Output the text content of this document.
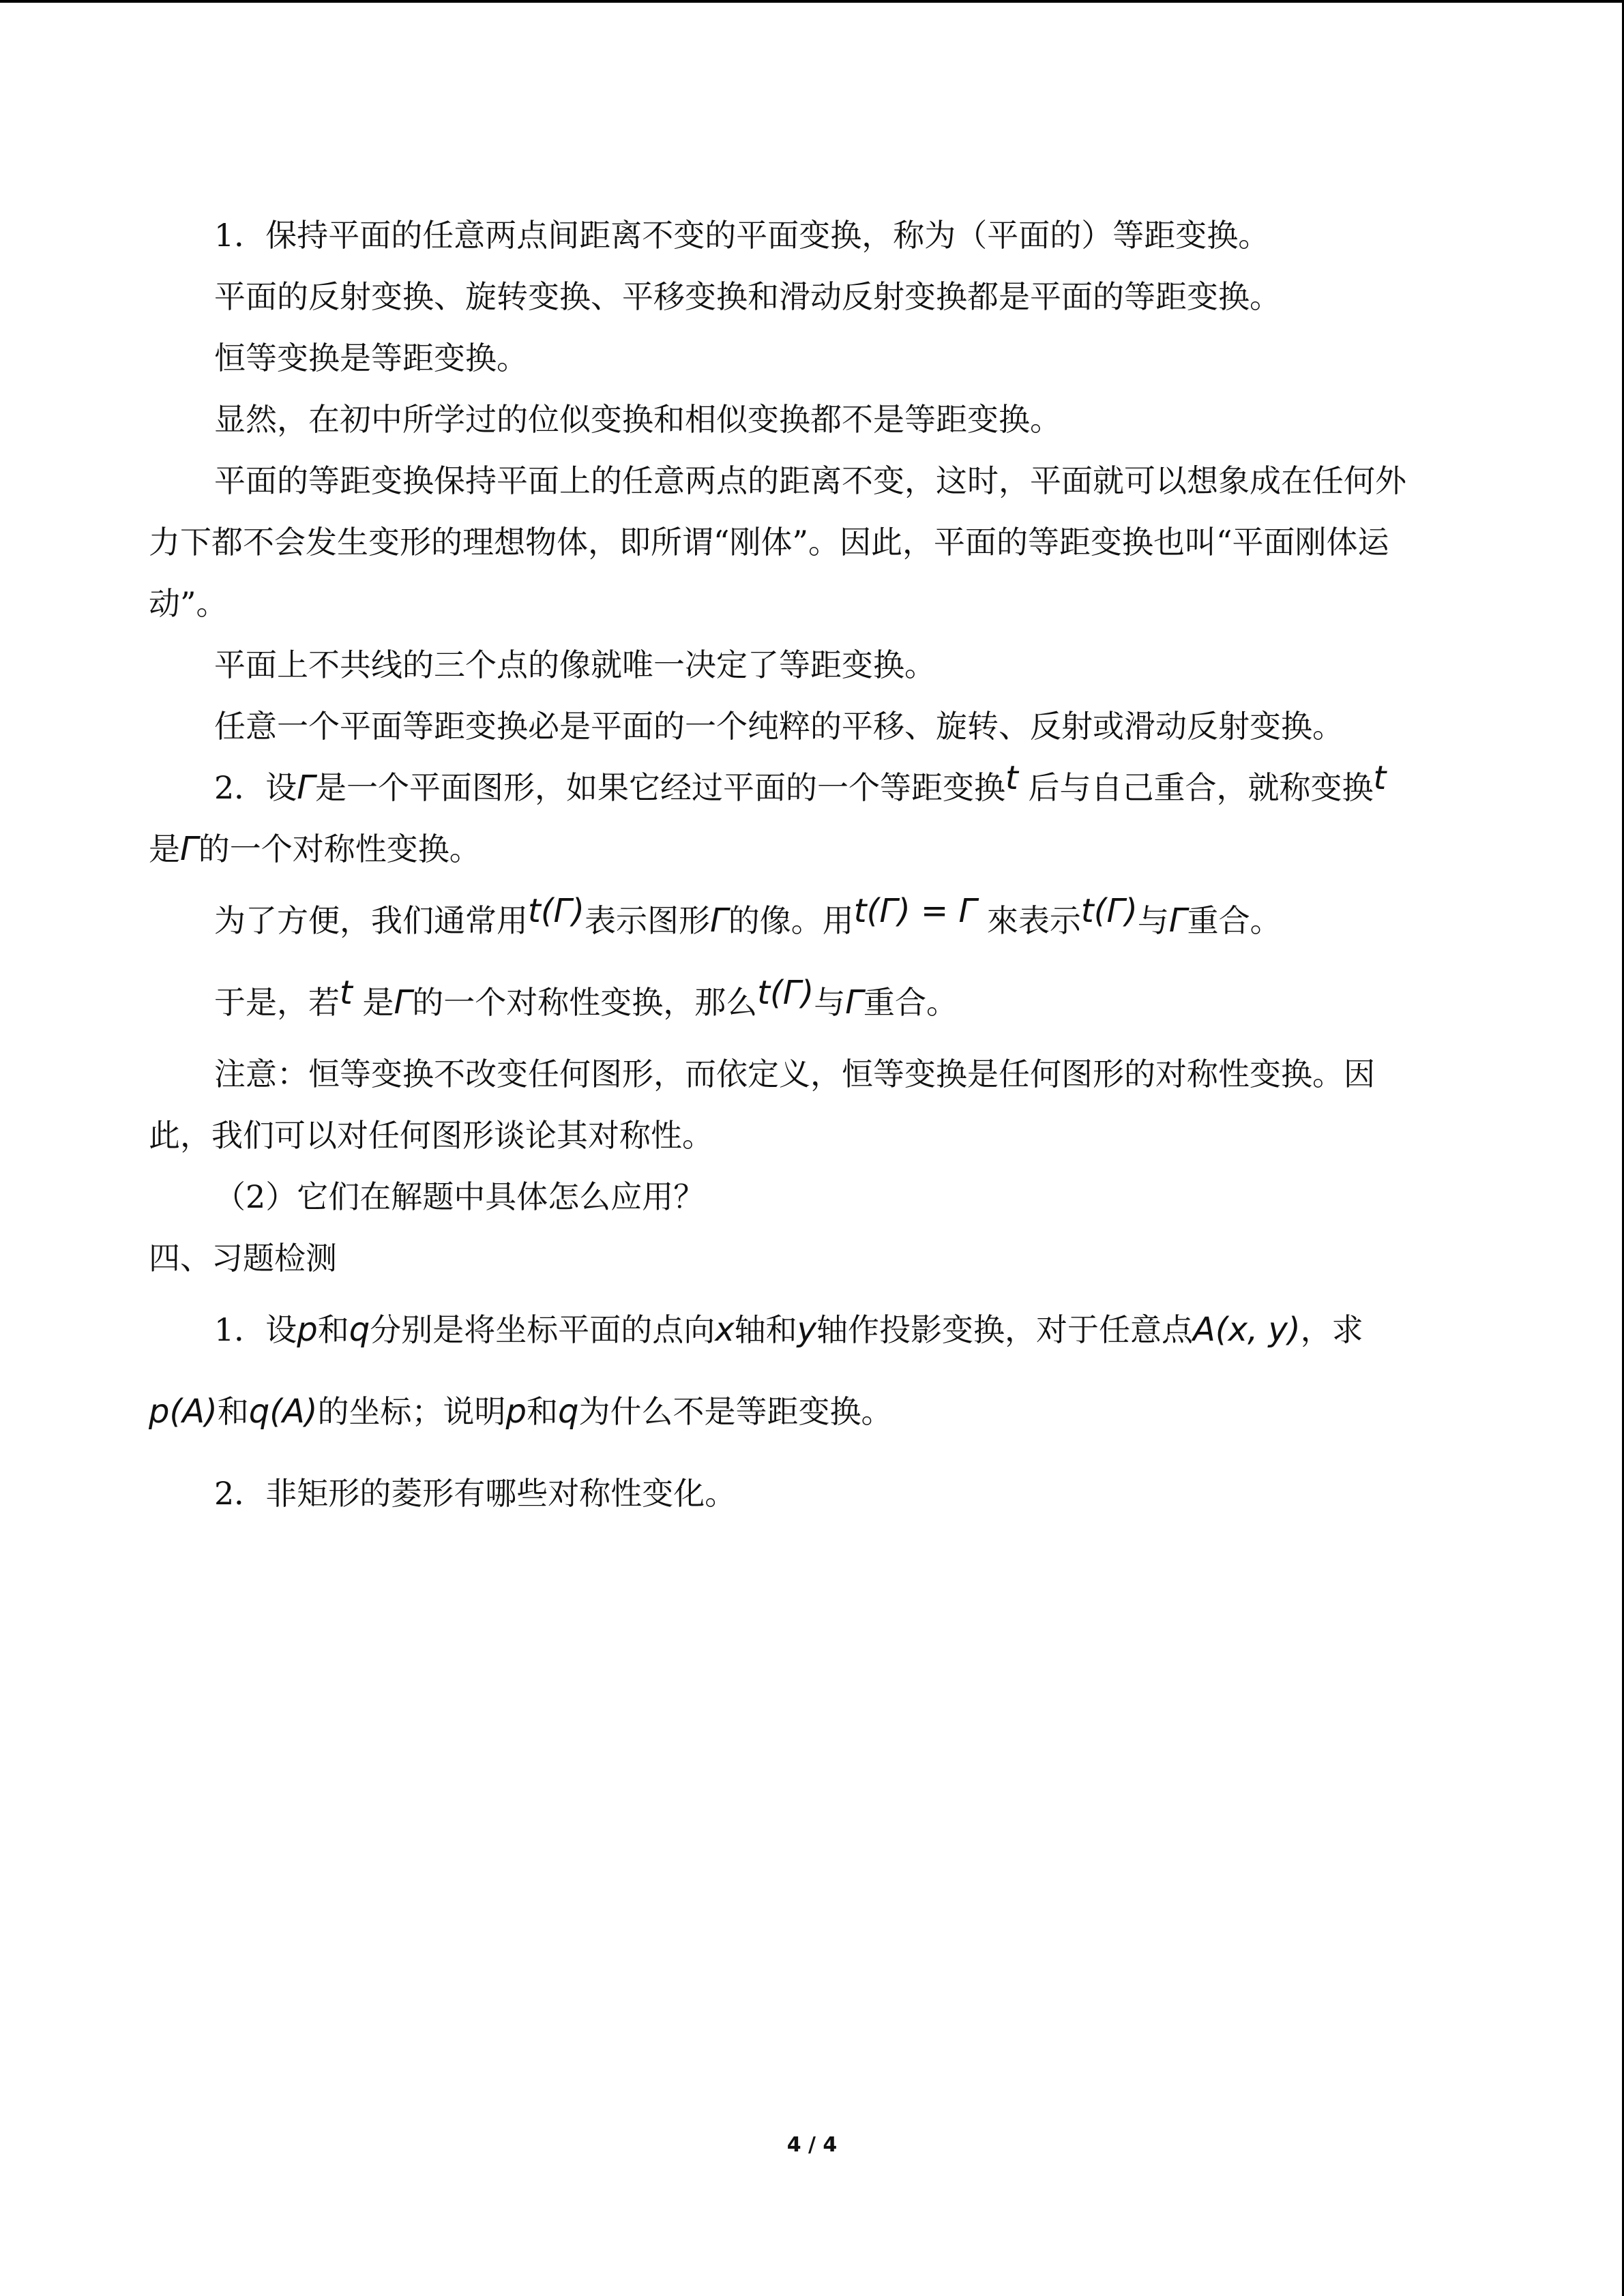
1．保持平面的任意两点间距离不变的平面变换，称为（平面的）等距变换。

平面的反射变换、旋转变换、平移变换和滑动反射变换都是平面的等距变换。

恒等变换是等距变换。

显然，在初中所学过的位似变换和相似变换都不是等距变换。

平面的等距变换保持平面上的任意两点的距离不变，这时，平面就可以想象成在任何外

力下都不会发生变形的理想物体，即所谓“刚体”。因此，平面的等距变换也叫“平面刚体运

动”。

平面上不共线的三个点的像就唯一决定了等距变换。

任意一个平面等距变换必是平面的一个纯粹的平移、旋转、反射或滑动反射变换。

2．设Γ是一个平面图形，如果它经过平面的一个等距变换t 后与自己重合，就称变换t

是Γ的一个对称性变换。

为了方便，我们通常用t(Γ)表示图形Γ的像。用t(Γ) = Γ 來表示t(Γ)与Γ重合。

于是，若t 是Γ的一个对称性变换，那么t(Γ)与Γ重合。

注意：恒等变换不改变任何图形，而依定义，恒等变换是任何图形的对称性变换。因

此，我们可以对任何图形谈论其对称性。

（2）它们在解题中具体怎么应用？

四、习题检测

1．设p和q分别是将坐标平面的点向x轴和y轴作投影变换，对于任意点A(x, y)，求

p(A)和q(A)的坐标；说明p和q为什么不是等距变换。

2．非矩形的菱形有哪些对称性变化。

4 / 4
